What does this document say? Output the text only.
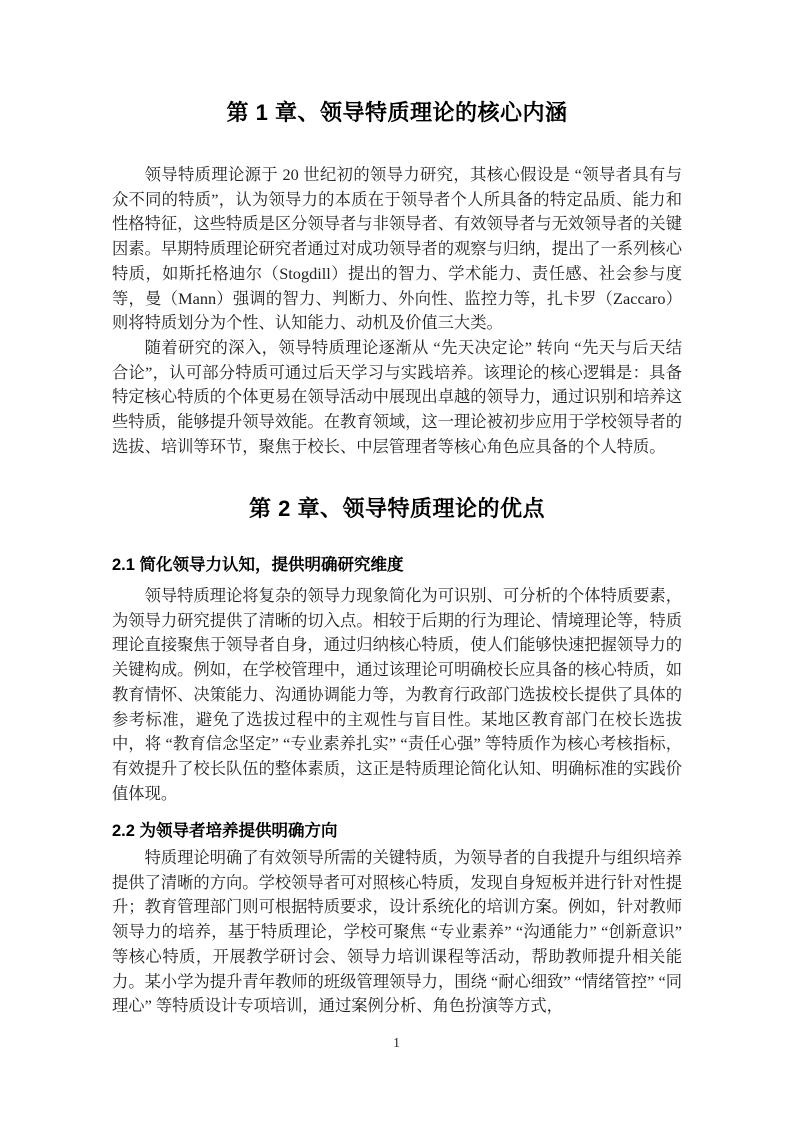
第 1 章、领导特质理论的核心内涵

领导特质理论源于 20 世纪初的领导力研究，其核心假设是 “领导者具有与众不同的特质”，认为领导力的本质在于领导者个人所具备的特定品质、能力和性格特征，这些特质是区分领导者与非领导者、有效领导者与无效领导者的关键因素。早期特质理论研究者通过对成功领导者的观察与归纳，提出了一系列核心特质，如斯托格迪尔（Stogdill）提出的智力、学术能力、责任感、社会参与度等，曼（Mann）强调的智力、判断力、外向性、监控力等，扎卡罗（Zaccaro）则将特质划分为个性、认知能力、动机及价值三大类。

随着研究的深入，领导特质理论逐渐从 “先天决定论” 转向 “先天与后天结合论”，认可部分特质可通过后天学习与实践培养。该理论的核心逻辑是：具备特定核心特质的个体更易在领导活动中展现出卓越的领导力，通过识别和培养这些特质，能够提升领导效能。在教育领域，这一理论被初步应用于学校领导者的选拔、培训等环节，聚焦于校长、中层管理者等核心角色应具备的个人特质。

第 2 章、领导特质理论的优点
2.1 简化领导力认知，提供明确研究维度

领导特质理论将复杂的领导力现象简化为可识别、可分析的个体特质要素，为领导力研究提供了清晰的切入点。相较于后期的行为理论、情境理论等，特质理论直接聚焦于领导者自身，通过归纳核心特质，使人们能够快速把握领导力的关键构成。例如，在学校管理中，通过该理论可明确校长应具备的核心特质，如教育情怀、决策能力、沟通协调能力等，为教育行政部门选拔校长提供了具体的参考标准，避免了选拔过程中的主观性与盲目性。某地区教育部门在校长选拔中，将 “教育信念坚定” “专业素养扎实” “责任心强” 等特质作为核心考核指标，有效提升了校长队伍的整体素质，这正是特质理论简化认知、明确标准的实践价值体现。

2.2 为领导者培养提供明确方向

特质理论明确了有效领导所需的关键特质，为领导者的自我提升与组织培养提供了清晰的方向。学校领导者可对照核心特质，发现自身短板并进行针对性提升；教育管理部门则可根据特质要求，设计系统化的培训方案。例如，针对教师领导力的培养，基于特质理论，学校可聚焦 “专业素养” “沟通能力” “创新意识” 等核心特质，开展教学研讨会、领导力培训课程等活动，帮助教师提升相关能力。某小学为提升青年教师的班级管理领导力，围绕 “耐心细致” “情绪管控” “同理心” 等特质设计专项培训，通过案例分析、角色扮演等方式，

1
